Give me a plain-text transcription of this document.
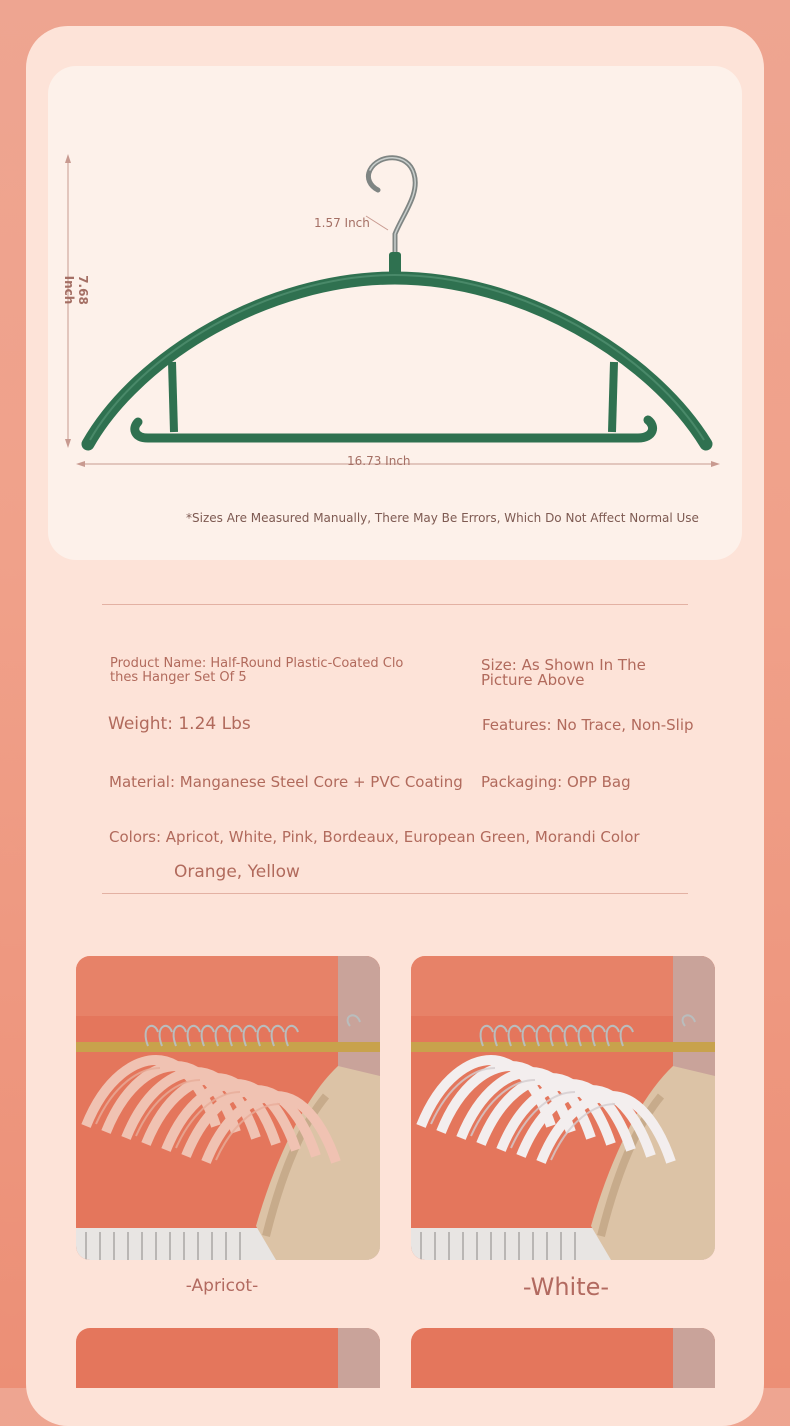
1.57 Inch
7.68 Inch
16.73 Inch
*Sizes Are Measured Manually, There May Be Errors, Which Do Not Affect Normal Use
Product Name: Half-Round Plastic-Coated Clo
thes Hanger Set Of 5
Size: As Shown In The
Picture Above
Weight: 1.24 Lbs	Features: No Trace, Non-Slip
Material: Manganese Steel Core + PVC Coating Packaging: OPP Bag
Colors: Apricot, White, Pink, Bordeaux, European Green, Morandi Color
Orange, Yellow
-Apricot-	-White-
